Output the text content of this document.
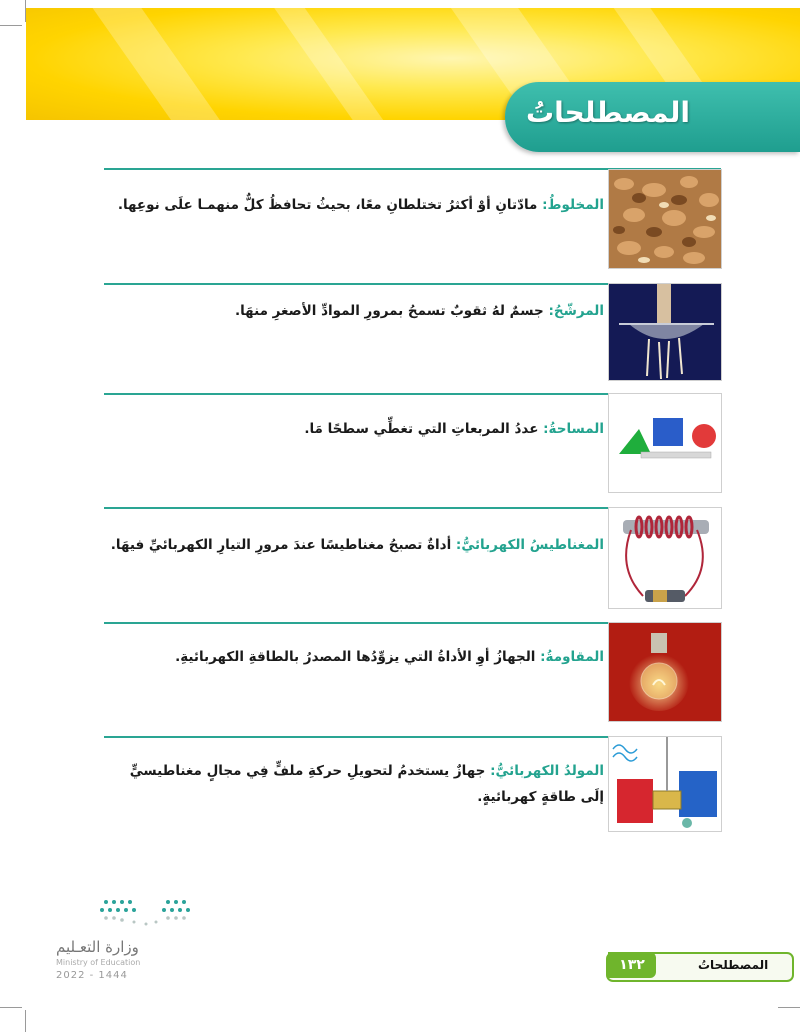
المصطلحاتُ
المخلوطُ: مادّتانِ أوْ أكثرُ تختلطانِ معًا، بحيثُ تحافظُ كلٌّ منهمـا علَى نوعِها.
المرشّحُ: جسمٌ لهُ ثقوبٌ تسمحُ بمرورِ الموادِّ الأصغرِ منهَا.
المساحةُ: عددُ المربعاتِ التي تغطِّي سطحًا مَا.
المغناطيسُ الكهربائيُّ: أداةٌ تصبحُ مغناطيسًا عندَ مرورِ التيارِ الكهربائيِّ فيهَا.
المقاومةُ: الجهازُ أوِ الأداةُ التي يزوِّدُها المصدرُ بالطاقةِ الكهربائيةِ.
المولدُ الكهربائيُّ: جهازٌ يستخدمُ لتحويلِ حركةِ ملفٍّ فِي مجالٍ مغناطيسيٍّ إلَى طاقةٍ كهربائيةٍ.
وزارة التعـليم
Ministry of Education
2022 - 1444
١٣٢	المصطلحاتُ
